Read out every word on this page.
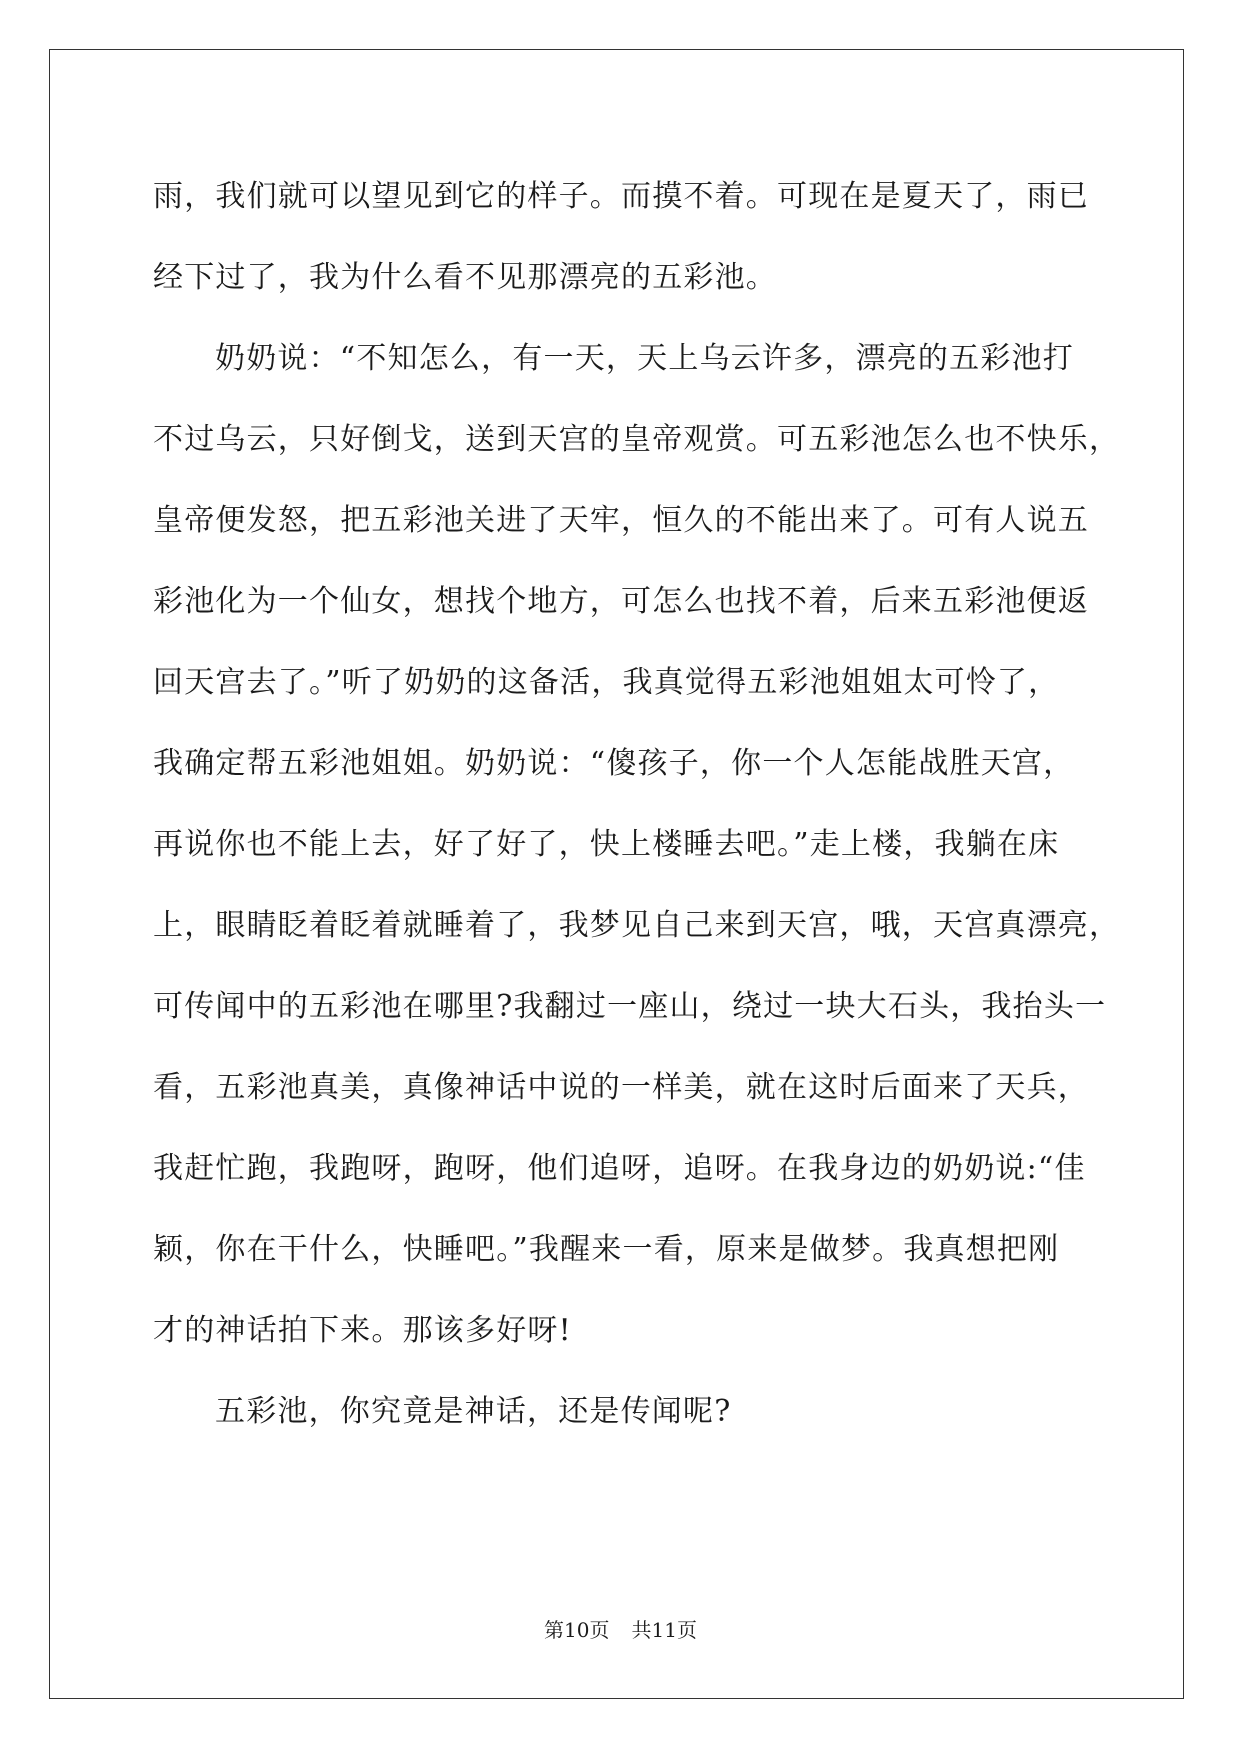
雨，我们就可以望见到它的样子。而摸不着。可现在是夏天了，雨已

经下过了，我为什么看不见那漂亮的五彩池。

奶奶说：“不知怎么，有一天，天上乌云许多，漂亮的五彩池打

不过乌云，只好倒戈，送到天宫的皇帝观赏。可五彩池怎么也不快乐，

皇帝便发怒，把五彩池关进了天牢，恒久的不能出来了。可有人说五

彩池化为一个仙女，想找个地方，可怎么也找不着，后来五彩池便返

回天宫去了。”听了奶奶的这备活，我真觉得五彩池姐姐太可怜了，

我确定帮五彩池姐姐。奶奶说：“傻孩子，你一个人怎能战胜天宫，

再说你也不能上去，好了好了，快上楼睡去吧。”走上楼，我躺在床

上，眼睛眨着眨着就睡着了，我梦见自己来到天宫，哦，天宫真漂亮，

可传闻中的五彩池在哪里?我翻过一座山，绕过一块大石头，我抬头一

看，五彩池真美，真像神话中说的一样美，就在这时后面来了天兵，

我赶忙跑，我跑呀，跑呀，他们追呀，追呀。在我身边的奶奶说:“佳

颖，你在干什么，快睡吧。”我醒来一看，原来是做梦。我真想把刚

才的神话拍下来。那该多好呀!

五彩池，你究竟是神话，还是传闻呢?

第10页 共11页
